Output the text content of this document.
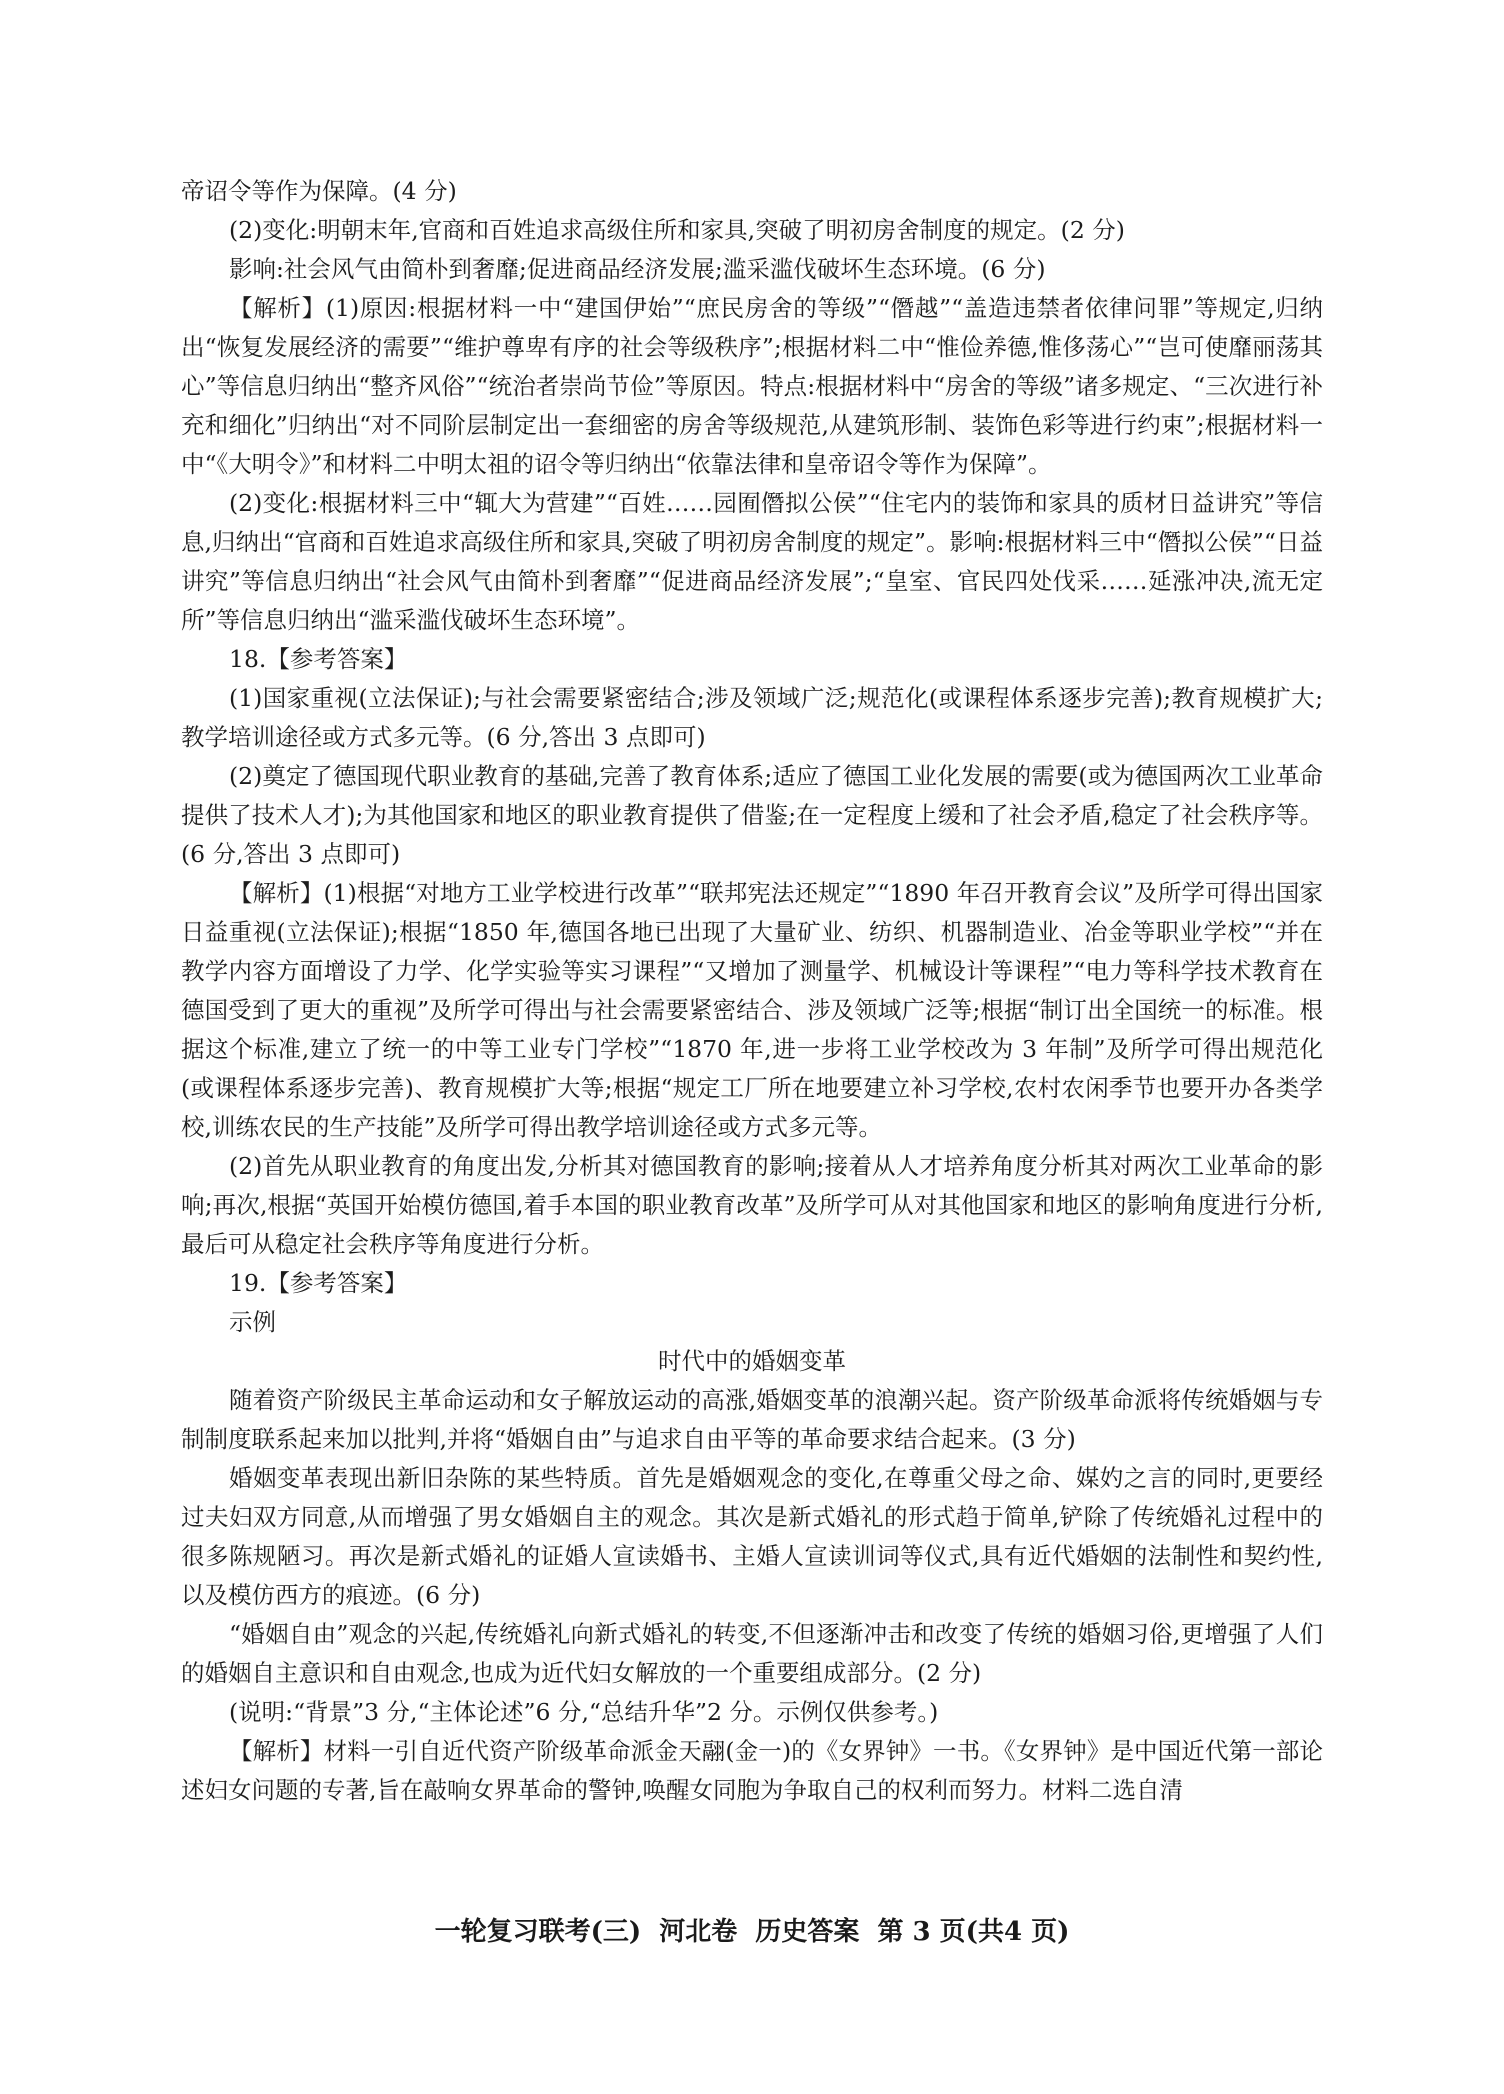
帝诏令等作为保障。(4 分)

(2)变化:明朝末年,官商和百姓追求高级住所和家具,突破了明初房舍制度的规定。(2 分)

影响:社会风气由简朴到奢靡;促进商品经济发展;滥采滥伐破坏生态环境。(6 分)

【解析】(1)原因:根据材料一中“建国伊始”“庶民房舍的等级”“僭越”“盖造违禁者依律问罪”等规定,归纳出“恢复发展经济的需要”“维护尊卑有序的社会等级秩序”;根据材料二中“惟俭养德,惟侈荡心”“岂可使靡丽荡其心”等信息归纳出“整齐风俗”“统治者崇尚节俭”等原因。特点:根据材料中“房舍的等级”诸多规定、“三次进行补充和细化”归纳出“对不同阶层制定出一套细密的房舍等级规范,从建筑形制、装饰色彩等进行约束”;根据材料一中“《大明令》”和材料二中明太祖的诏令等归纳出“依靠法律和皇帝诏令等作为保障”。

(2)变化:根据材料三中“辄大为营建”“百姓……园囿僭拟公侯”“住宅内的装饰和家具的质材日益讲究”等信息,归纳出“官商和百姓追求高级住所和家具,突破了明初房舍制度的规定”。影响:根据材料三中“僭拟公侯”“日益讲究”等信息归纳出“社会风气由简朴到奢靡”“促进商品经济发展”;“皇室、官民四处伐采……延涨冲决,流无定所”等信息归纳出“滥采滥伐破坏生态环境”。

18.【参考答案】

(1)国家重视(立法保证);与社会需要紧密结合;涉及领域广泛;规范化(或课程体系逐步完善);教育规模扩大;教学培训途径或方式多元等。(6 分,答出 3 点即可)

(2)奠定了德国现代职业教育的基础,完善了教育体系;适应了德国工业化发展的需要(或为德国两次工业革命提供了技术人才);为其他国家和地区的职业教育提供了借鉴;在一定程度上缓和了社会矛盾,稳定了社会秩序等。(6 分,答出 3 点即可)

【解析】(1)根据“对地方工业学校进行改革”“联邦宪法还规定”“1890 年召开教育会议”及所学可得出国家日益重视(立法保证);根据“1850 年,德国各地已出现了大量矿业、纺织、机器制造业、冶金等职业学校”“并在教学内容方面增设了力学、化学实验等实习课程”“又增加了测量学、机械设计等课程”“电力等科学技术教育在德国受到了更大的重视”及所学可得出与社会需要紧密结合、涉及领域广泛等;根据“制订出全国统一的标准。根据这个标准,建立了统一的中等工业专门学校”“1870 年,进一步将工业学校改为 3 年制”及所学可得出规范化(或课程体系逐步完善)、教育规模扩大等;根据“规定工厂所在地要建立补习学校,农村农闲季节也要开办各类学校,训练农民的生产技能”及所学可得出教学培训途径或方式多元等。

(2)首先从职业教育的角度出发,分析其对德国教育的影响;接着从人才培养角度分析其对两次工业革命的影响;再次,根据“英国开始模仿德国,着手本国的职业教育改革”及所学可从对其他国家和地区的影响角度进行分析,最后可从稳定社会秩序等角度进行分析。

19.【参考答案】

示例

时代中的婚姻变革

随着资产阶级民主革命运动和女子解放运动的高涨,婚姻变革的浪潮兴起。资产阶级革命派将传统婚姻与专制制度联系起来加以批判,并将“婚姻自由”与追求自由平等的革命要求结合起来。(3 分)

婚姻变革表现出新旧杂陈的某些特质。首先是婚姻观念的变化,在尊重父母之命、媒妁之言的同时,更要经过夫妇双方同意,从而增强了男女婚姻自主的观念。其次是新式婚礼的形式趋于简单,铲除了传统婚礼过程中的很多陈规陋习。再次是新式婚礼的证婚人宣读婚书、主婚人宣读训词等仪式,具有近代婚姻的法制性和契约性,以及模仿西方的痕迹。(6 分)

“婚姻自由”观念的兴起,传统婚礼向新式婚礼的转变,不但逐渐冲击和改变了传统的婚姻习俗,更增强了人们的婚姻自主意识和自由观念,也成为近代妇女解放的一个重要组成部分。(2 分)

(说明:“背景”3 分,“主体论述”6 分,“总结升华”2 分。示例仅供参考。)

【解析】材料一引自近代资产阶级革命派金天翮(金一)的《女界钟》一书。《女界钟》是中国近代第一部论述妇女问题的专著,旨在敲响女界革命的警钟,唤醒女同胞为争取自己的权利而努力。材料二选自清

一轮复习联考(三)  河北卷  历史答案  第 3 页(共4 页)
